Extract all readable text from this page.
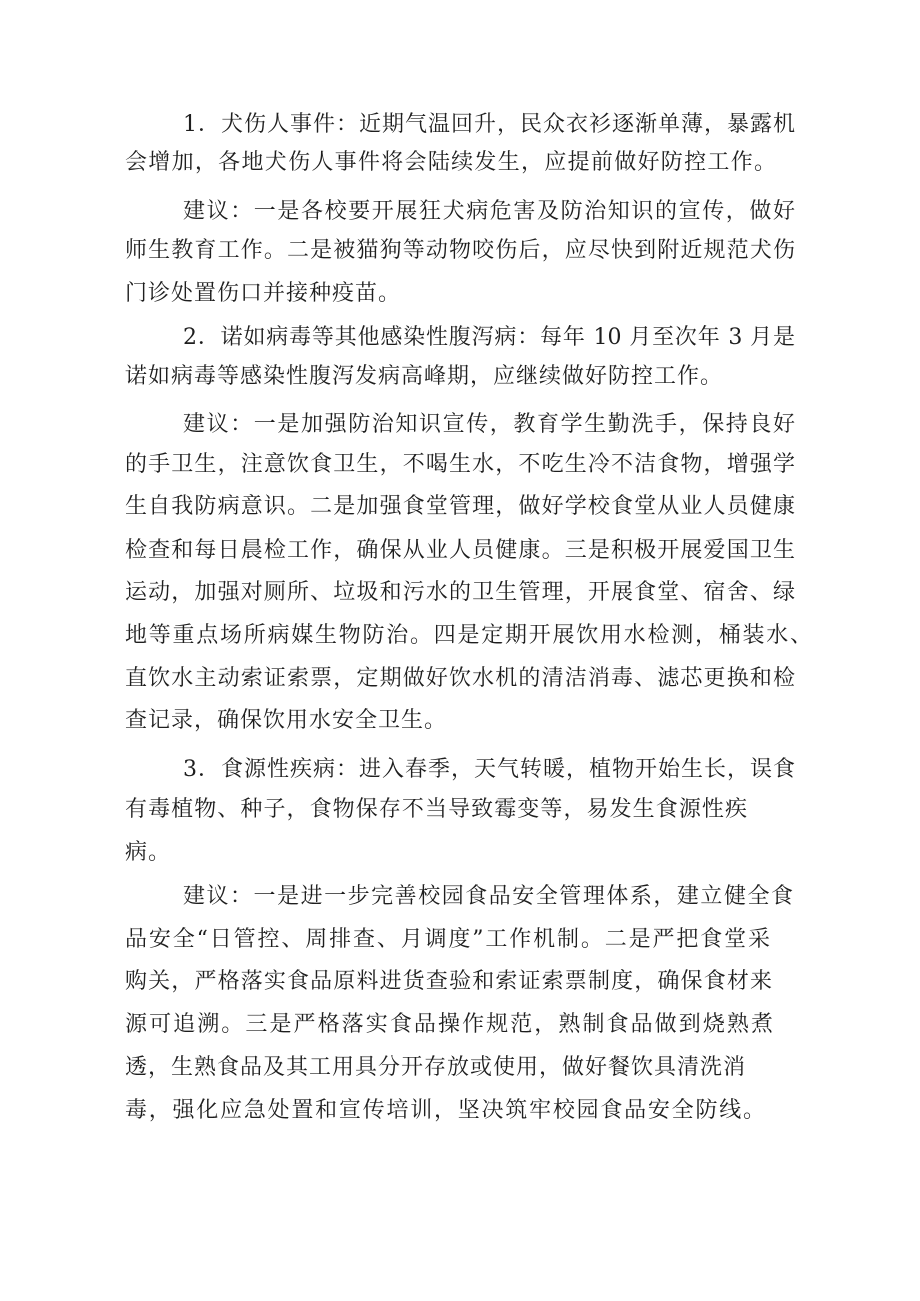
1．犬伤人事件：近期气温回升，民众衣衫逐渐单薄，暴露机
会增加，各地犬伤人事件将会陆续发生，应提前做好防控工作。
建议：一是各校要开展狂犬病危害及防治知识的宣传，做好
师生教育工作。二是被猫狗等动物咬伤后，应尽快到附近规范犬伤
门诊处置伤口并接种疫苗。
2．诺如病毒等其他感染性腹泻病：每年 10 月至次年 3 月是
诺如病毒等感染性腹泻发病高峰期，应继续做好防控工作。
建议：一是加强防治知识宣传，教育学生勤洗手，保持良好
的手卫生，注意饮食卫生，不喝生水，不吃生冷不洁食物，增强学
生自我防病意识。二是加强食堂管理，做好学校食堂从业人员健康
检查和每日晨检工作，确保从业人员健康。三是积极开展爱国卫生
运动，加强对厕所、垃圾和污水的卫生管理，开展食堂、宿舍、绿
地等重点场所病媒生物防治。四是定期开展饮用水检测，桶装水、
直饮水主动索证索票，定期做好饮水机的清洁消毒、滤芯更换和检
查记录，确保饮用水安全卫生。
3．食源性疾病：进入春季，天气转暖，植物开始生长，误食
有毒植物、种子，食物保存不当导致霉变等，易发生食源性疾
病。
建议：一是进一步完善校园食品安全管理体系，建立健全食
品安全“日管控、周排查、月调度”工作机制。二是严把食堂采
购关，严格落实食品原料进货查验和索证索票制度，确保食材来
源可追溯。三是严格落实食品操作规范，熟制食品做到烧熟煮
透，生熟食品及其工用具分开存放或使用，做好餐饮具清洗消
毒，强化应急处置和宣传培训，坚决筑牢校园食品安全防线。
